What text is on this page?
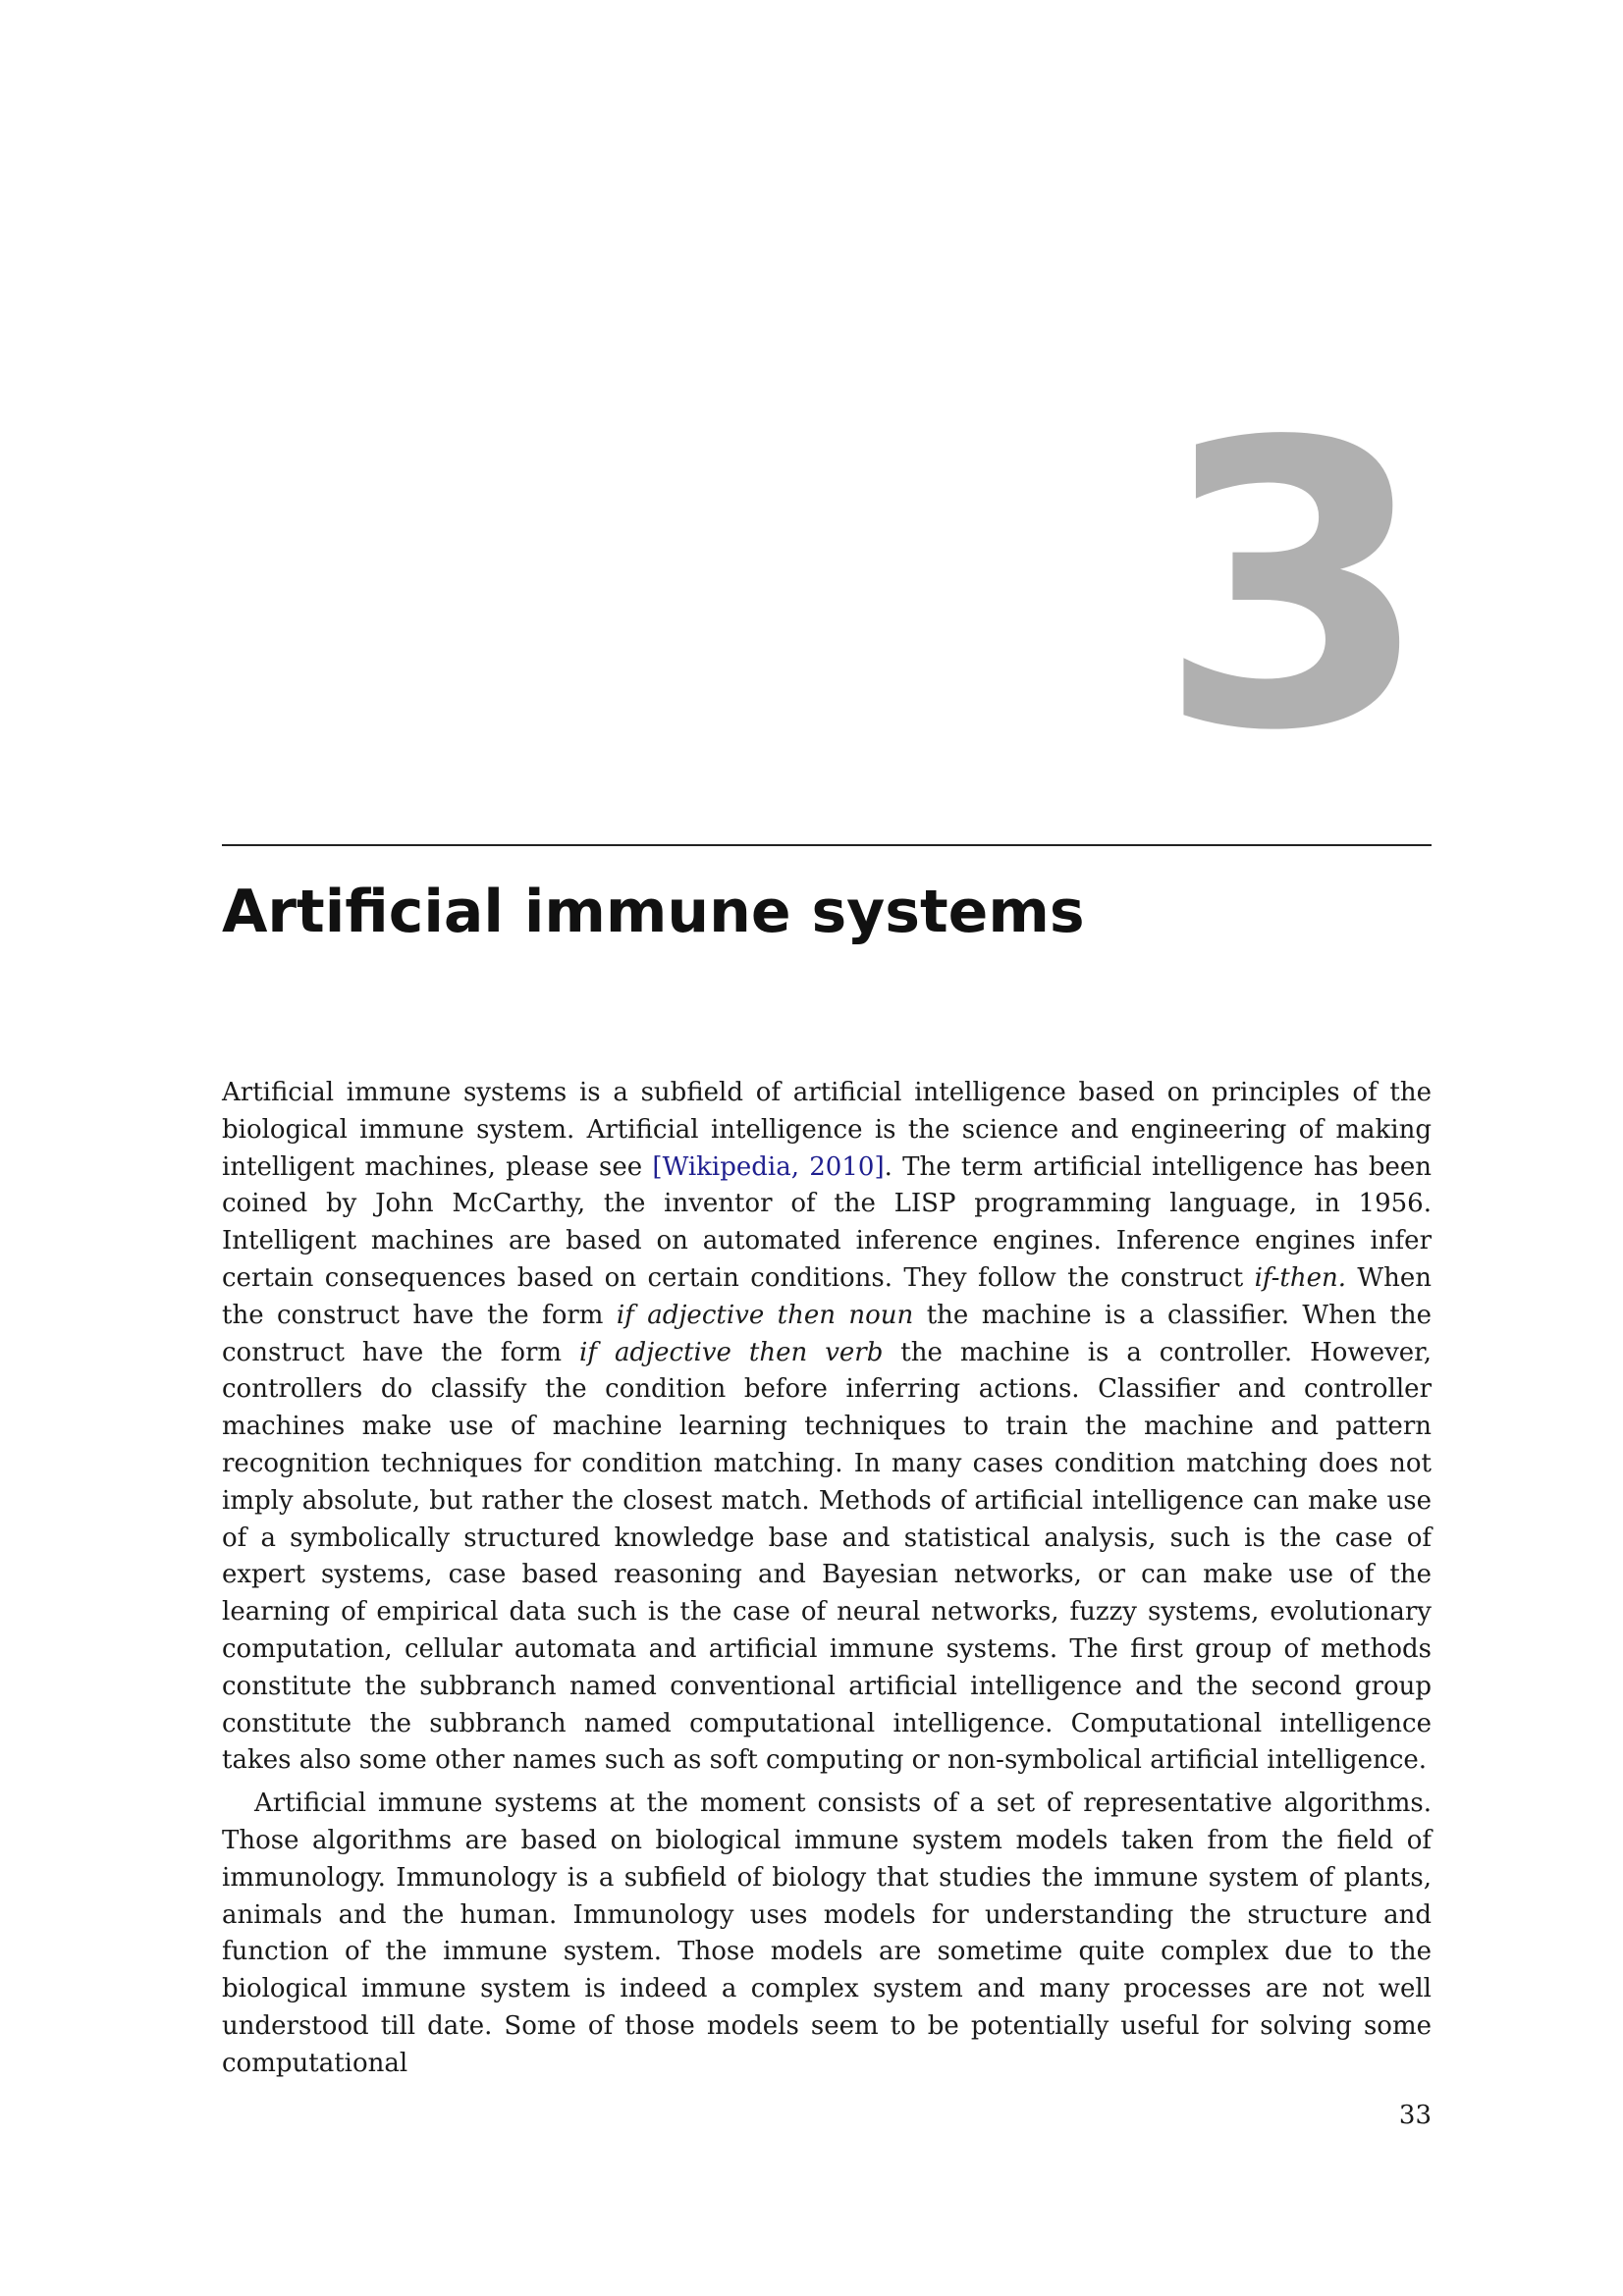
3
Artificial immune systems

Artificial immune systems is a subfield of artificial intelligence based on principles of the biological immune system. Artificial intelligence is the science and engineering of making intelligent machines, please see [Wikipedia, 2010]. The term artificial intelligence has been coined by John McCarthy, the inventor of the LISP programming language, in 1956. Intelligent machines are based on automated inference engines. Inference engines infer certain consequences based on certain conditions. They follow the construct if-then. When the construct have the form if adjective then noun the machine is a classifier. When the construct have the form if adjective then verb the machine is a controller. However, controllers do classify the condition before inferring actions. Classifier and controller machines make use of machine learning techniques to train the machine and pattern recognition techniques for condition matching. In many cases condition matching does not imply absolute, but rather the closest match. Methods of artificial intelligence can make use of a symbolically structured knowledge base and statistical analysis, such is the case of expert systems, case based reasoning and Bayesian networks, or can make use of the learning of empirical data such is the case of neural networks, fuzzy systems, evolutionary computation, cellular automata and artificial immune systems. The first group of methods constitute the subbranch named conventional artificial intelligence and the second group constitute the subbranch named computational intelligence. Computational intelligence takes also some other names such as soft computing or non-symbolical artificial intelligence.

Artificial immune systems at the moment consists of a set of representative algorithms. Those algorithms are based on biological immune system models taken from the field of immunology. Immunology is a subfield of biology that studies the immune system of plants, animals and the human. Immunology uses models for understanding the structure and function of the immune system. Those models are sometime quite complex due to the biological immune system is indeed a complex system and many processes are not well understood till date. Some of those models seem to be potentially useful for solving some computational

33
